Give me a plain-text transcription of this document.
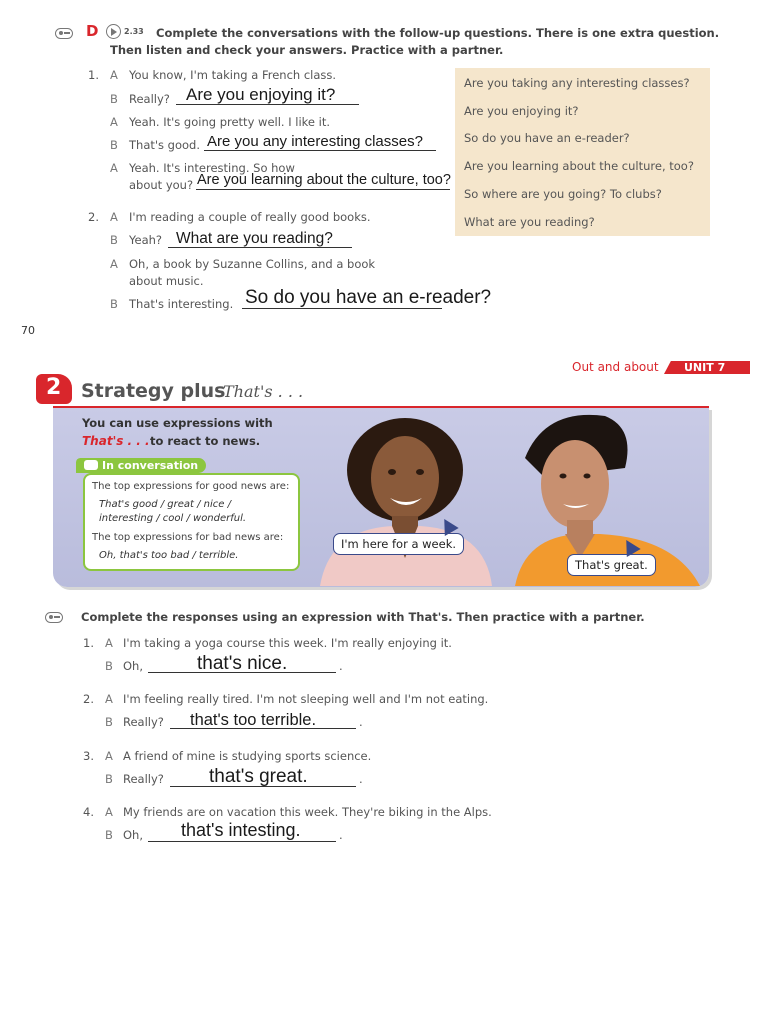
D	2.33 Complete the conversations with the follow-up questions. There is one extra question.
Then listen and check your answers. Practice with a partner.
1. A You know, I'm taking a French class.
B Really? Are you enjoying it?
A Yeah. It's going pretty well. I like it.
B That's good. Are you any interesting classes?
A Yeah. It's interesting. So how
about you? Are you learning about the culture, too?
2. A I'm reading a couple of really good books.
B Yeah? What are you reading?
A Oh, a book by Suzanne Collins, and a book
about music.
B That's interesting. So do you have an e-reader?
Are you taking any interesting classes?
Are you enjoying it?
So do you have an e-reader?
Are you learning about the culture, too?
So where are you going? To clubs?
What are you reading?
70
Out and about UNIT 7
2 Strategy plus
That's . . .
You can use expressions with
That's . . . to react to news.
In conversation
The top expressions for good news are:
That's good / great / nice /
interesting / cool / wonderful.
The top expressions for bad news are:
Oh, that's too bad / terrible.
I'm here for a week.
That's great.
Complete the responses using an expression with That's. Then practice with a partner.
1. A I'm taking a yoga course this week. I'm really enjoying it.
B Oh,	.
that's nice.
2. A I'm feeling really tired. I'm not sleeping well and I'm not eating.
B Really?	.
that's too terrible.
3. A A friend of mine is studying sports science.
B Really?	.
that's great.
4. A My friends are on vacation this week. They're biking in the Alps.
B Oh,	.
that's intesting.
